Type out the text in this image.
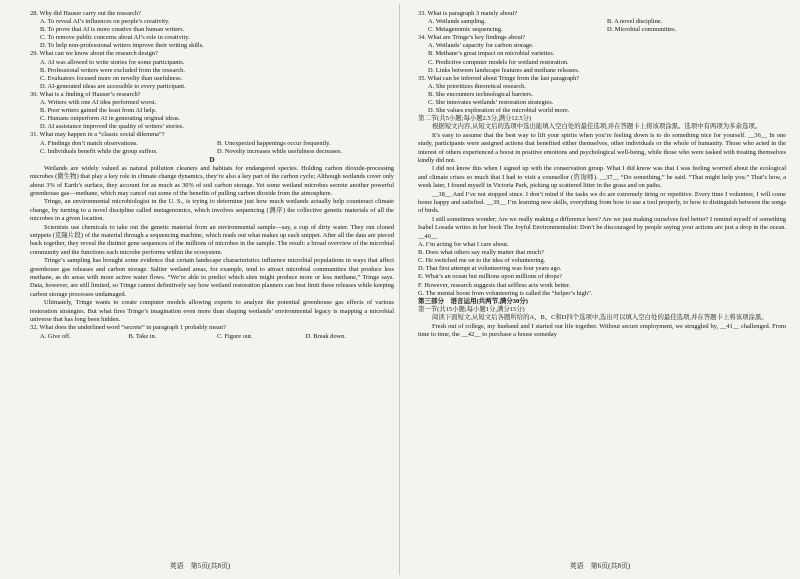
28. Why did Hauser carry out the research?
A. To reveal AI’s influences on people’s creativity.
B. To prove that AI is more creative than human writers.
C. To remove public concerns about AI’s role in creativity.
D. To help non-professional writers improve their writing skills.
29. What can we know about the research design?
A. AI was allowed to write stories for some participants.
B. Professional writers were excluded from the research.
C. Evaluators focused more on novelty than usefulness.
D. AI-generated ideas are accessible to every participant.
30. What is a finding of Hauser’s research?
A. Writers with one AI idea performed worst.
B. Poor writers gained the least from AI help.
C. Humans outperform AI in generating original ideas.
D. AI assistance improved the quality of writers’ stories.
31. What may happen in a “classic social dilemma”?
A. Findings don’t match observations.	B. Unexpected happenings occur frequently.
C. Individuals benefit while the group suffers.	D. Novelty increases while usefulness decreases.
D

Wetlands are widely valued as natural pollution cleaners and habitats for endangered species. Holding carbon dioxide-processing microbes (微生物) that play a key role in climate change dynamics, they’re also a key part of the carbon cycle; Although wetlands cover only about 3% of Earth’s surface, they account for as much as 30% of soil carbon storage. Yet some wetland microbes secrete another powerful greenhouse gas—methane, which may cancel out some of the benefits of pulling carbon dioxide from the atmosphere.

Tringe, an environmental microbiologist in the U. S., is trying to determine just how much wetlands actually help counteract climate change, by turning to a novel discipline called metagenomics, which involves sequencing (测序) the collective genetic materials of all the microbes in a given location.

Scientists use chemicals to take out the genetic material from an environmental sample—say, a cup of dirty water. They run cloned snippets (克隆片段) of the material through a sequencing machine, which reads out what makes up each snippet. After all the data are pieced back together, they reveal the distinct gene sequences of the millions of microbes in the sample. The result: a broad overview of the microbial community and the functions each microbe performs within the ecosystem.

Tringe’s sampling has brought some evidence that certain landscape characteristics influence microbial populations in ways that affect greenhouse gas releases and carbon storage. Saltier wetland areas, for example, tend to attract microbial communities that produce less methane, as do areas with more active water flows. “We’re able to predict which sites might produce more or less methane,” Tringe says. Data, however, are still limited, so Tringe cannot definitively say how wetland restoration planners can best limit these releases while keeping carbon storage processes undamaged.

Ultimately, Tringe wants to create computer models allowing experts to analyze the potential greenhouse gas effects of various restoration strategies. But what fires Tringe’s imagination even more than shaping wetlands’ environmental legacy is mapping a microbial universe that has long been hidden.

32. What does the underlined word “secrete” in paragraph 1 probably mean?
A. Give off.	B. Take in.	C. Figure out.	D. Break down.
英语　第5页(共8页)
33. What is paragraph 3 mainly about?
A. Wetlands sampling.	B. A novel discipline.
C. Metagenomic sequencing.	D. Microbial communities.
34. What are Tringe’s key findings about?
A. Wetlands’ capacity for carbon storage.
B. Methane’s great impact on microbial varieties.
C. Predictive computer models for wetland restoration.
D. Links between landscape features and methane releases.
35. What can be inferred about Tringe from the last paragraph?
A. She prioritizes theoretical research.
B. She encounters technological barriers.
C. She innovates wetlands’ restoration strategies.
D. She values exploration of the microbial world more.
第二节(共5小题;每小题2.5分,满分12.5分)

根据短文内容,从短文后的选项中选出能填入空白处的最佳选项,并在答题卡上将该项涂黑。选项中有两项为多余选项。

It’s easy to assume that the best way to lift your spirits when you’re feeling down is to do something nice for yourself. __36__ In one study, participants were assigned actions that benefited either themselves, other individuals or the whole of humanity. Those who acted in the interest of others experienced a boost in positive emotions and psychological well-being, while those who were tasked with treating themselves kindly did not.

I did not know this when I signed up with the conservation group. What I did know was that I was feeling worried about the ecological and climate crises so much that I had to visit a counsellor (咨询师). __37__ “Do something,” he said. “That might help you.” That’s how, a week later, I found myself in Victoria Park, picking up scattered litter in the grass and on paths.

__38__ And I’ve not stopped since. I don’t mind if the tasks we do are extremely tiring or repetitive. Every time I volunteer, I will come home happy and satisfied. __39__ I’m learning new skills, everything from how to use a tool properly, to how to distinguish between the songs of birds.

I still sometimes wonder; Are we really making a difference here? Are we just making ourselves feel better? I remind myself of something Isabel Losada writes in her book The Joyful Environmentalist: Don’t be discouraged by people saying your actions are just a drop in the ocean. __40__

A. I’m acting for what I care about.
B. Does what others say really matter that much?
C. He switched me on to the idea of volunteering.
D. That first attempt at volunteering was four years ago.
E. What’s an ocean but millions upon millions of drops?
F. However, research suggests that selfless acts work better.
G. The mental boost from volunteering is called the “helper’s high”.
第三部分　语言运用(共两节,满分30分)
第一节(共15小题;每小题1分,满分15分)

阅读下面短文,从短文后各题所给的A、B、C和D四个选项中,选出可以填入空白处的最佳选项,并在答题卡上将该项涂黑。

Fresh out of college, my husband and I started our life together. Without secure employment, we struggled by, __41__ challenged. From time to time, the __42__ to purchase a house someday

英语　第6页(共8页)
